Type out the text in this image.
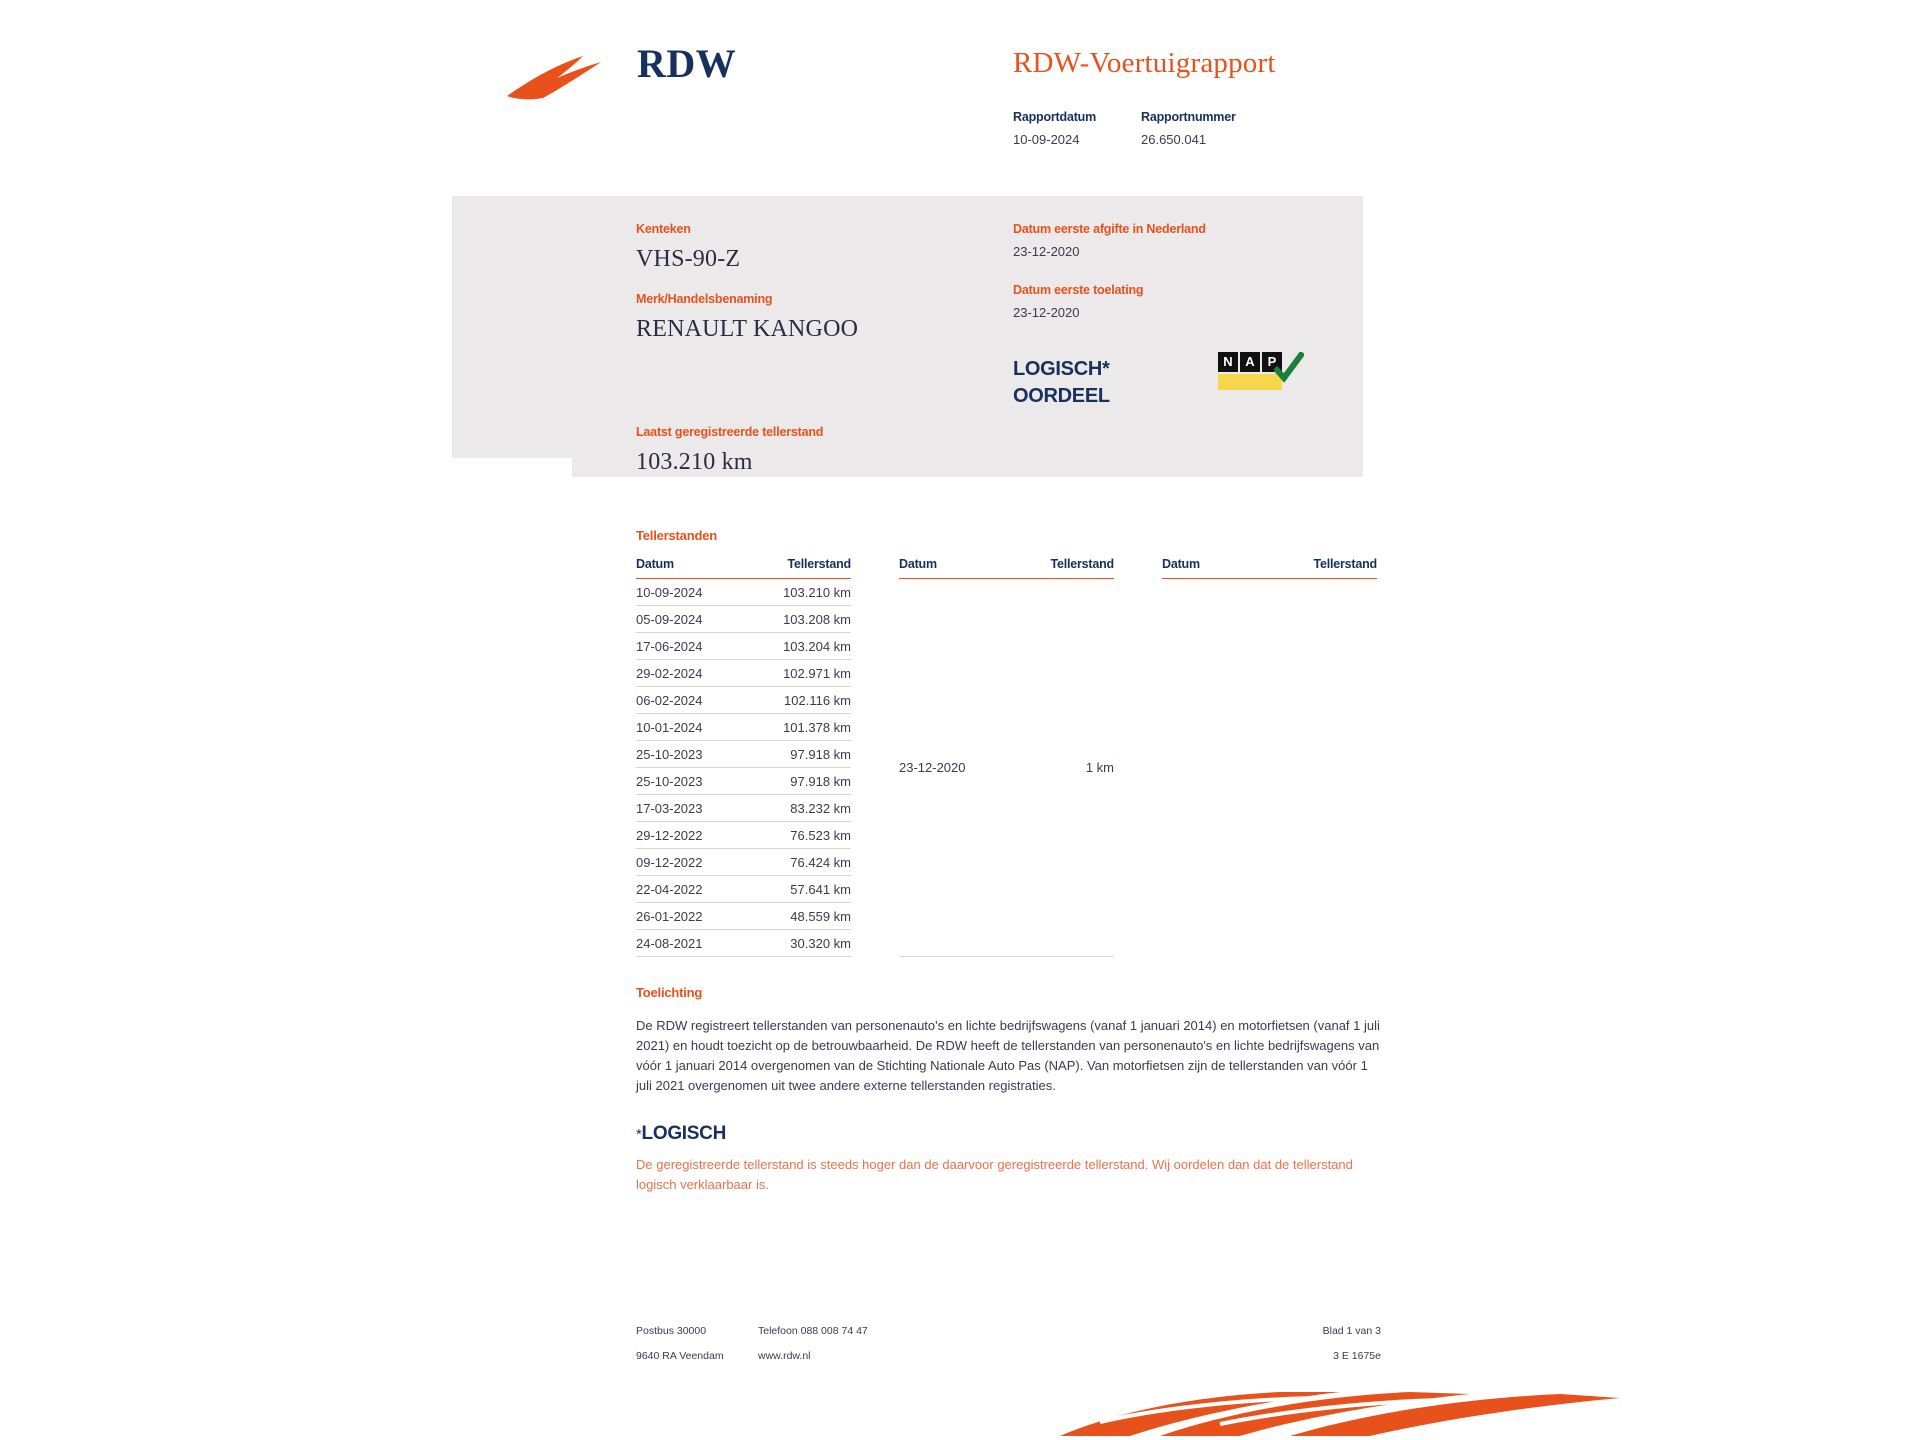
RDW	RDW-Voertuigrapport
Rapportdatum
10-09-2024
Rapportnummer
26.650.041
Kenteken
VHS-90-Z
Merk/Handelsbenaming
RENAULT KANGOO
Laatst geregistreerde tellerstand
103.210 km
Datum eerste afgifte in Nederland
23-12-2020
Datum eerste toelating
23-12-2020
LOGISCH*
OORDEEL
N A P
Tellerstanden
Datum	Tellerstand
10-09-2024	103.210 km
05-09-2024	103.208 km
17-06-2024	103.204 km
29-02-2024	102.971 km
06-02-2024	102.116 km
10-01-2024	101.378 km
25-10-2023	97.918 km
25-10-2023	97.918 km
17-03-2023	83.232 km
29-12-2022	76.523 km
09-12-2022	76.424 km
22-04-2022	57.641 km
26-01-2022	48.559 km
24-08-2021	30.320 km
Datum	Tellerstand
23-12-2020	1 km
Datum	Tellerstand
Toelichting
De RDW registreert tellerstanden van personenauto's en lichte bedrijfswagens (vanaf 1 januari 2014) en motorfietsen (vanaf 1 juli 2021) en houdt toezicht op de betrouwbaarheid. De RDW heeft de tellerstanden van personenauto's en lichte bedrijfswagens van vóór 1 januari 2014 overgenomen van de Stichting Nationale Auto Pas (NAP). Van motorfietsen zijn de tellerstanden van vóór 1 juli 2021 overgenomen uit twee andere externe tellerstanden registraties.
*LOGISCH
De geregistreerde tellerstand is steeds hoger dan de daarvoor geregistreerde tellerstand. Wij oordelen dan dat de tellerstand logisch verklaarbaar is.
Postbus 30000	Telefoon 088 008 74 47	Blad 1 van 3
9640 RA Veendam	www.rdw.nl	3 E 1675e
